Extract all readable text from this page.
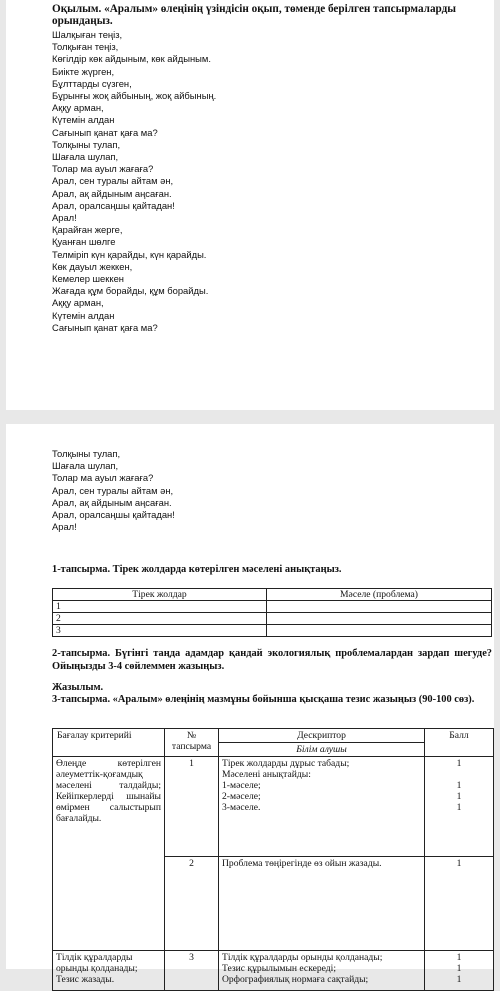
Оқылым. «Аралым» өлеңінің үзіндісін оқып, төменде берілген тапсырмаларды орындаңыз.
Шалқыған теңіз,
Толқыған теңіз,
Көгілдір көк айдыным, көк айдыным.
Биікте жүрген,
Бұлттарды сүзген,
Бұрынғы жоқ айбының, жоқ айбының.
Аққу арман,
Күтемін алдан
Сағынып қанат қаға ма?
Толқыны тулап,
Шағала шулап,
Толар ма ауыл жағаға?
Арал, сен туралы айтам ән,
Арал, ақ айдыным аңсаған.
Арал, оралсаңшы қайтадан!
Арал!
Қарайған жерге,
Қуанған шөлге
Телміріп күн қарайды, күн қарайды.
Көк дауыл жеккен,
Кемелер шеккен
Жағада құм борайды, құм борайды.
Аққу арман,
Күтемін алдан
Сағынып қанат қаға ма?
Толқыны тулап,
Шағала шулап,
Толар ма ауыл жағаға?
Арал, сен туралы айтам ән,
Арал, ақ айдыным аңсаған.
Арал, оралсаңшы қайтадан!
Арал!
1-тапсырма. Тірек жолдарда көтерілген мәселені анықтаңыз.
Тірек жолдар	Мәселе (проблема)
1	
2	
3	
2-тапсырма. Бүгінгі таңда адамдар қандай экологиялық проблемалардан зардап шегуде? Ойыңызды 3-4 сөйлеммен жазыңыз.
Жазылым.
3-тапсырма. «Аралым» өлеңінің мазмұны бойынша қысқаша тезис жазыңыз (90-100 сөз).
Бағалау критерийі	№ тапсырма	Дескриптор	Балл
		Білім алушы	
Өлеңде көтерілген әлеуметтік-қоғамдық мәселені талдайды; Кейіпкерлерді шынайы өмірмен салыстырып бағалайды.	1	Тірек жолдарды дұрыс табады;
Мәселені анықтайды:
1-мәселе;
2-мәселе;
3-мәселе.	1

1
1
1

	2	Проблема төңірегінде өз ойын жазады.	1
Тілдік құралдарды орынды қолданады; Тезис жазады.	3	Тілдік құралдарды орынды қолданады;
Тезис құрылымын ескереді;
Орфографиялық нормаға сақтайды;	1
1
1
